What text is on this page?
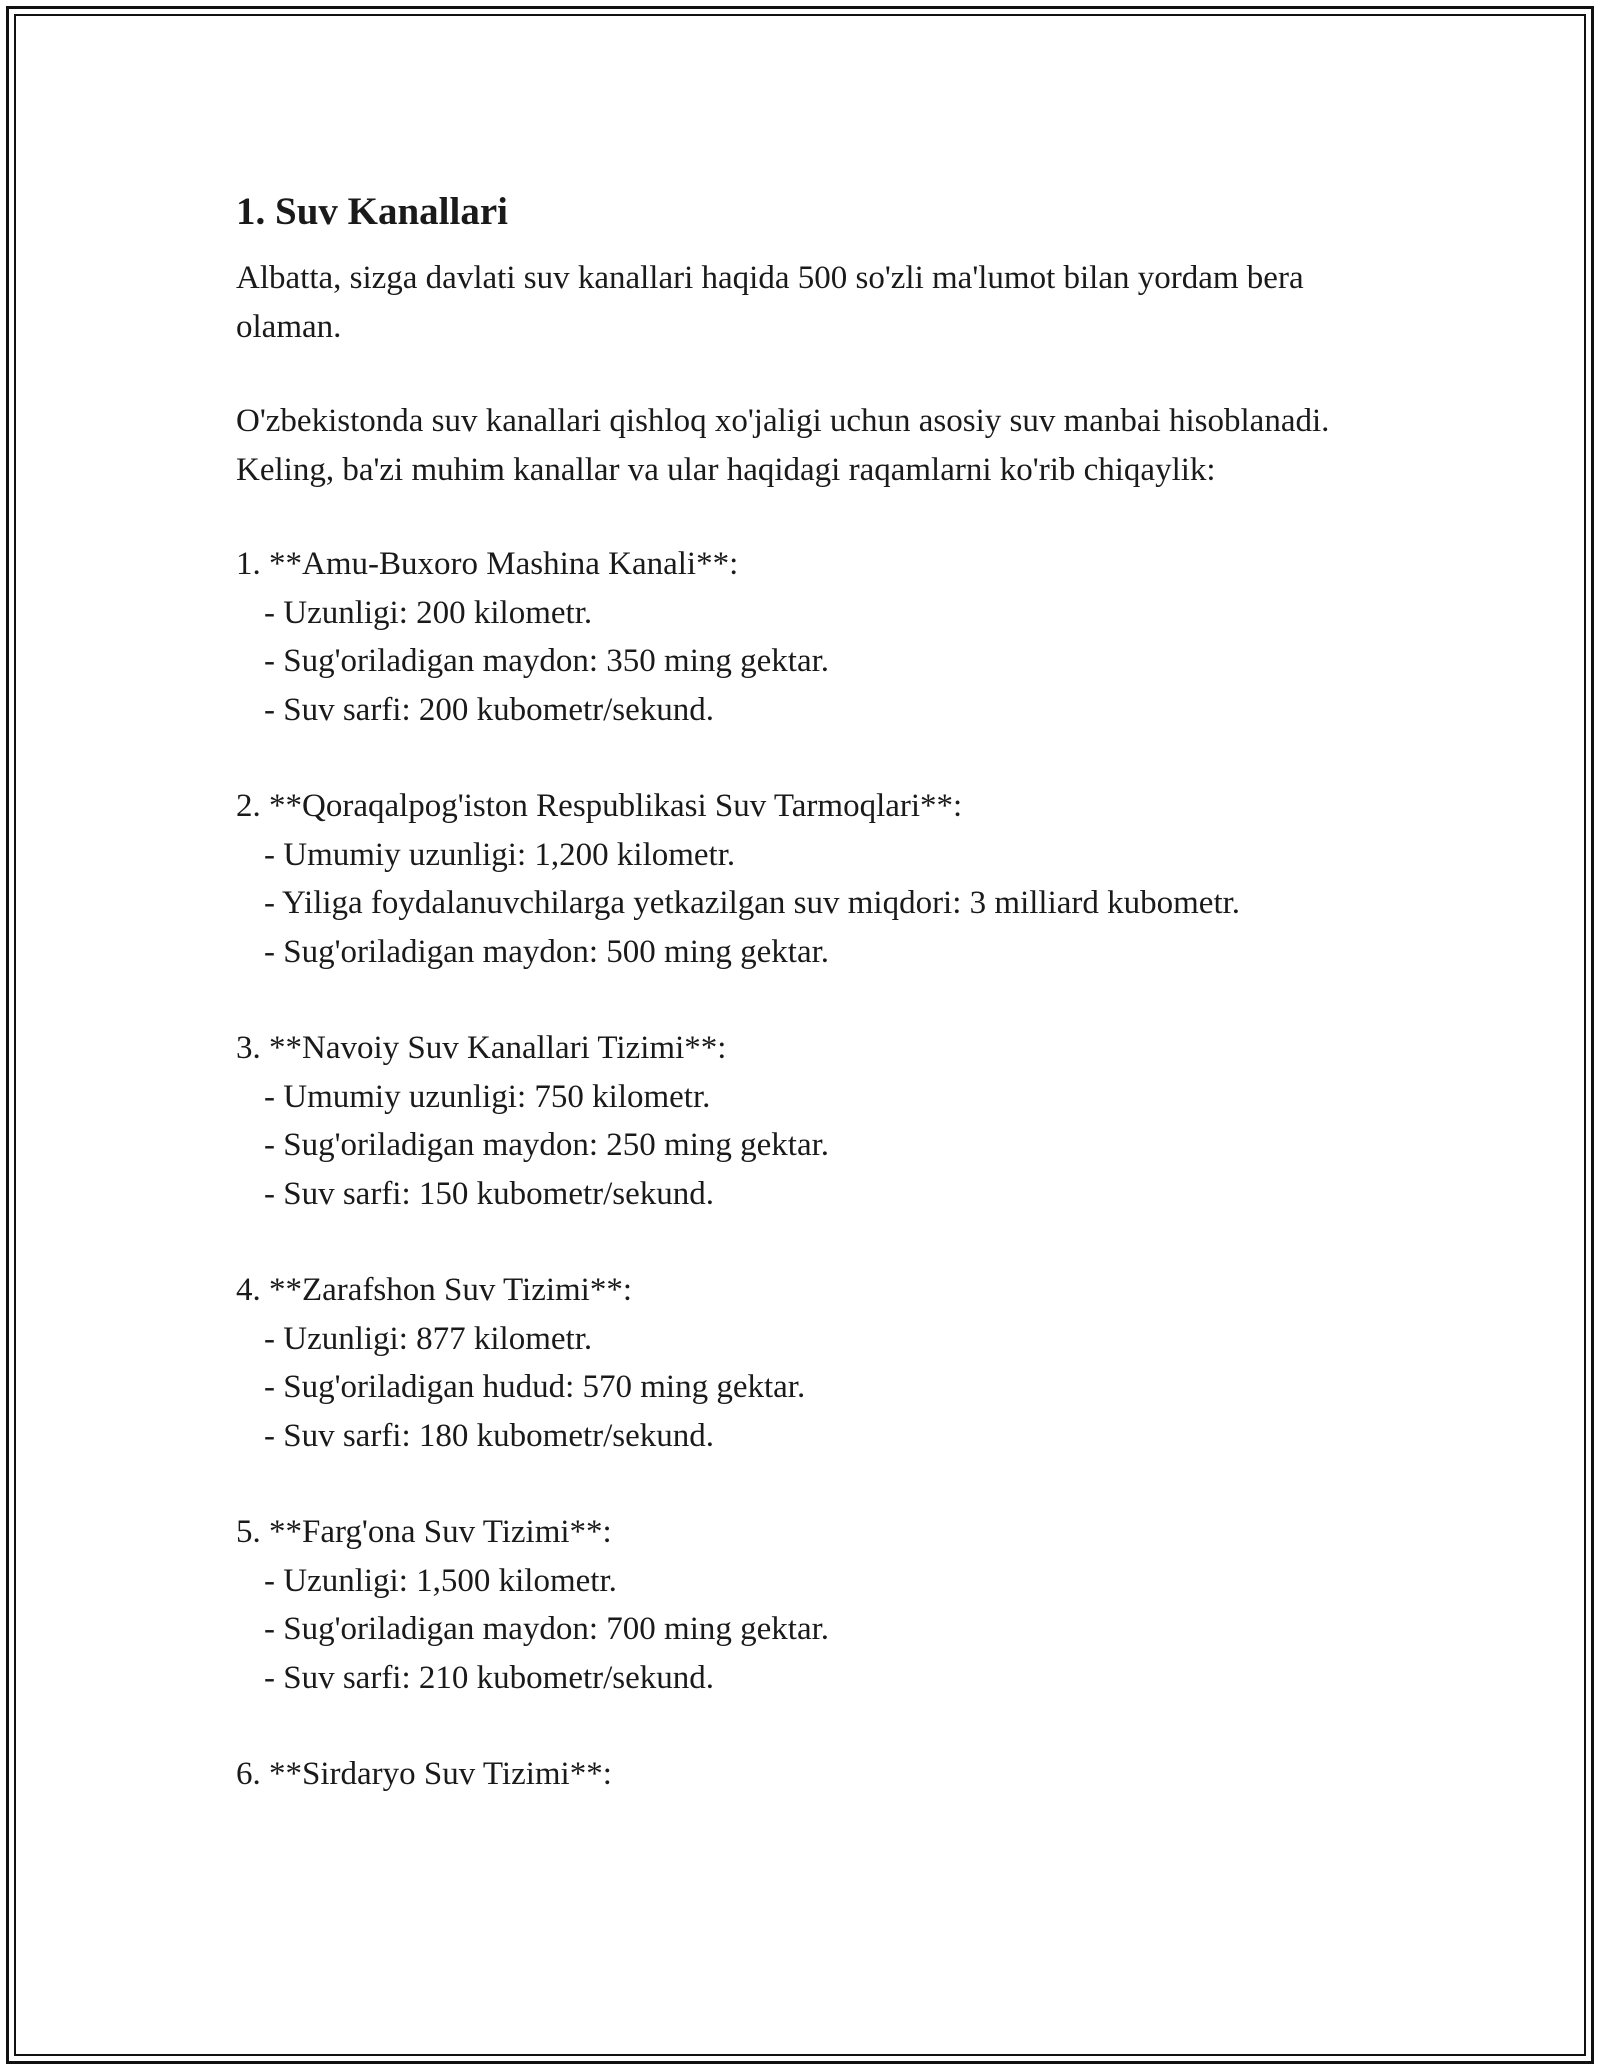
1. Suv Kanallari

Albatta, sizga davlati suv kanallari haqida 500 so'zli ma'lumot bilan yordam bera olaman.

O'zbekistonda suv kanallari qishloq xo'jaligi uchun asosiy suv manbai hisoblanadi. Keling, ba'zi muhim kanallar va ular haqidagi raqamlarni ko'rib chiqaylik:

1. **Amu-Buxoro Mashina Kanali**:
- Uzunligi: 200 kilometr.
- Sug'oriladigan maydon: 350 ming gektar.
- Suv sarfi: 200 kubometr/sekund.
2. **Qoraqalpog'iston Respublikasi Suv Tarmoqlari**:
- Umumiy uzunligi: 1,200 kilometr.
- Yiliga foydalanuvchilarga yetkazilgan suv miqdori: 3 milliard kubometr.
- Sug'oriladigan maydon: 500 ming gektar.
3. **Navoiy Suv Kanallari Tizimi**:
- Umumiy uzunligi: 750 kilometr.
- Sug'oriladigan maydon: 250 ming gektar.
- Suv sarfi: 150 kubometr/sekund.
4. **Zarafshon Suv Tizimi**:
- Uzunligi: 877 kilometr.
- Sug'oriladigan hudud: 570 ming gektar.
- Suv sarfi: 180 kubometr/sekund.
5. **Farg'ona Suv Tizimi**:
- Uzunligi: 1,500 kilometr.
- Sug'oriladigan maydon: 700 ming gektar.
- Suv sarfi: 210 kubometr/sekund.
6. **Sirdaryo Suv Tizimi**:
